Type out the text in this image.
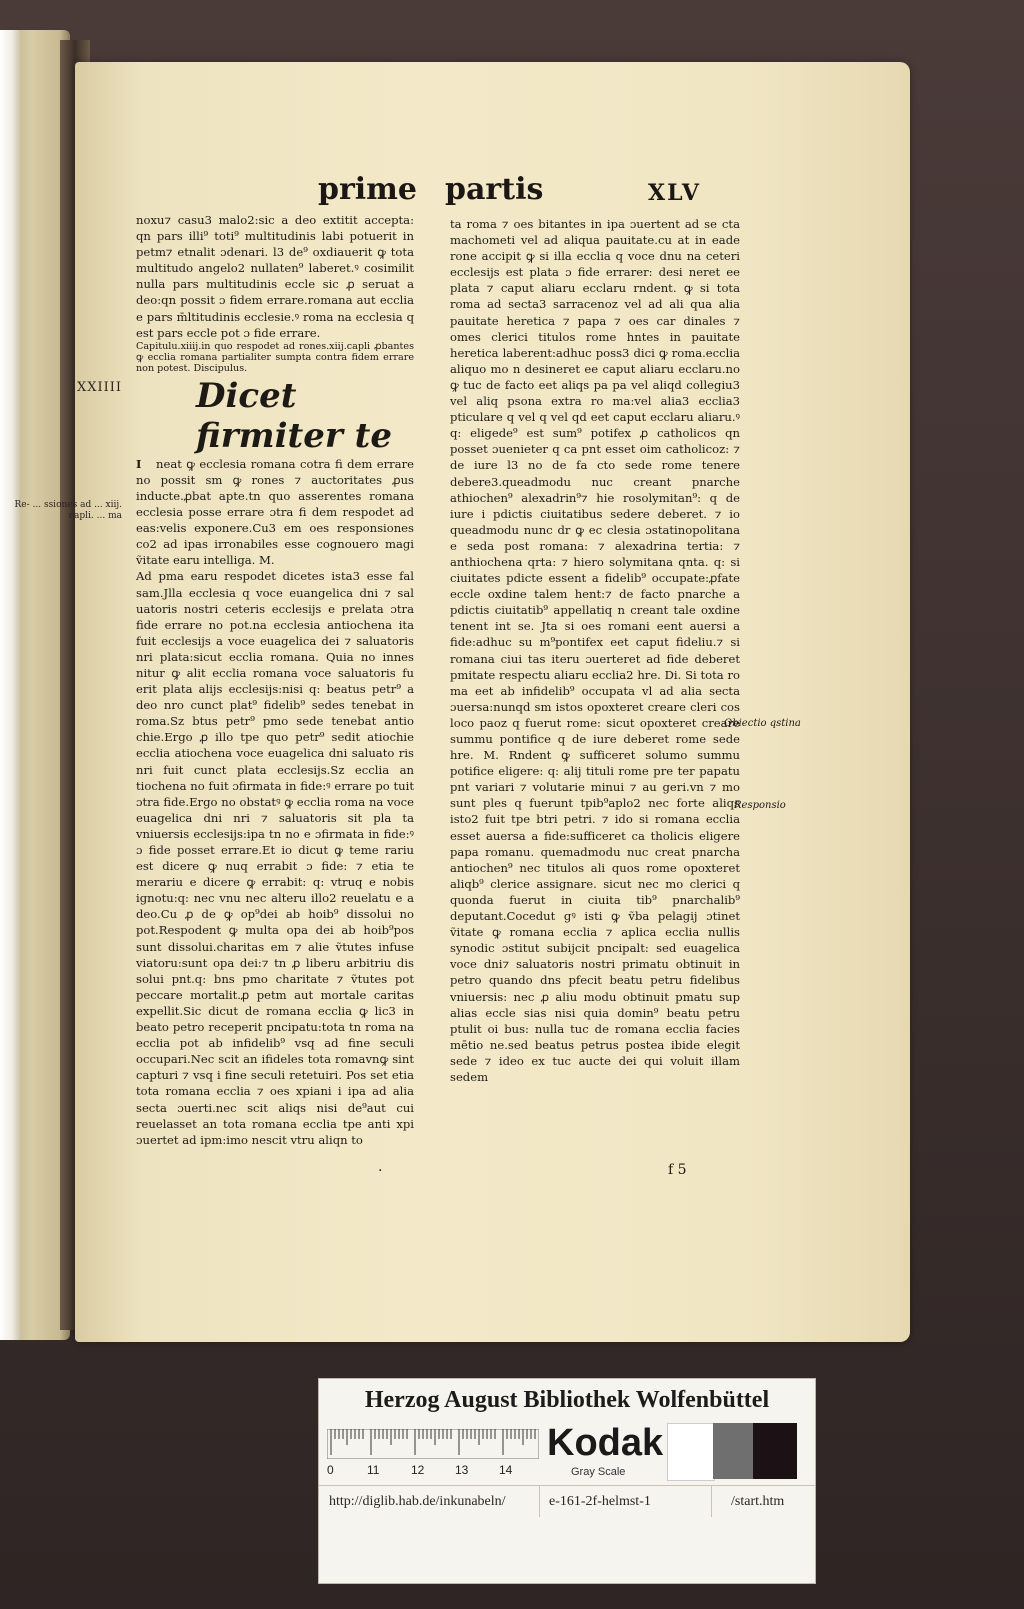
XXIIII
Re- ... ssiones ad ... xiij. capli. ... ma
prime partis	XLV

noxu⁊ casu3 malo2:sic a deo extitit accepta: qn pars illi⁹ toti⁹ multitudinis labi potuerit in petm⁊ etnalit ɔdenari. l3 de⁹ oxdiauerit ꝙ tota multitudo angelo2 nullaten⁹ laberet.ꝰ cosimilit nulla pars multitudinis eccle sic ꝓ seruat a deo:qn possit ɔ fidem errare.romana aut ecclia e pars m̄ltitudinis ecclesie.ꝰ roma na ecclesia q est pars eccle pot ɔ fide errare.

Capitulu.xiiij.in quo respodet ad rones.xiij.capli ꝓbantes ꝙ ecclia romana partialiter sumpta contra fidem errare non potest. Discipulus.

Dicet firmiter te

I neat ꝙ ecclesia romana cotra fi dem errare no possit sm ꝙ rones ⁊ auctoritates ꝓus inducte.ꝓbat apte.tn quo asserentes romana ecclesia posse errare ɔtra fi dem respodet ad eas:velis exponere.Cu3 em oes responsiones co2 ad ipas irronabiles esse cognouero magi ṽitate earu intelliga. M.

Ad pma earu respodet dicetes ista3 esse fal sam.Jlla ecclesia q voce euangelica dni ⁊ sal uatoris nostri ceteris ecclesijs e prelata ɔtra fide errare no pot.na ecclesia antiochena ita fuit ecclesijs a voce euagelica dei ⁊ saluatoris nri plata:sicut ecclia romana. Quia no innes nitur ꝙ alit ecclia romana voce saluatoris fu erit plata alijs ecclesijs:nisi q: beatus petr⁹ a deo nro cunct plat⁹ fidelib⁹ sedes tenebat in roma.Sz btus petr⁹ pmo sede tenebat antio chie.Ergo ꝓ illo tpe quo petr⁹ sedit atiochie ecclia atiochena voce euagelica dni saluato ris nri fuit cunct plata ecclesijs.Sz ecclia an tiochena no fuit ɔfirmata in fide:ꝰ errare po tuit ɔtra fide.Ergo no obstatꝰ ꝙ ecclia roma na voce euagelica dni nri ⁊ saluatoris sit pla ta vniuersis ecclesijs:ipa tn no e ɔfirmata in fide:ꝰ ɔ fide posset errare.Et io dicut ꝙ teme rariu est dicere ꝙ nuq errabit ɔ fide: ⁊ etia te merariu e dicere ꝙ errabit: q: vtruq e nobis ignotu:q: nec vnu nec alteru illo2 reuelatu e a deo.Cu ꝓ de ꝙ op⁹dei ab hoib⁹ dissolui no pot.Respodent ꝙ multa opa dei ab hoib⁹pos sunt dissolui.charitas em ⁊ alie ṽtutes infuse viatoru:sunt opa dei:⁊ tn ꝓ liberu arbitriu dis solui pnt.q: bns pmo charitate ⁊ ṽtutes pot peccare mortalit.ꝓ petm aut mortale caritas expellit.Sic dicut de romana ecclia ꝙ lic3 in beato petro receperit pncipatu:tota tn roma na ecclia pot ab infidelib⁹ vsq ad fine seculi occupari.Nec scit an ifideles tota romavnꝙ sint capturi ⁊ vsq i fine seculi retetuiri. Pos set etia tota romana ecclia ⁊ oes xpiani i ipa ad alia secta ɔuerti.nec scit aliqs nisi de⁹aut cui reuelasset an tota romana ecclia tpe anti xpi ɔuertet ad ipm:imo nescit vtru aliqn to

ta roma ⁊ oes bitantes in ipa ɔuertent ad se cta machometi vel ad aliqua pauitate.cu at in eade rone accipit ꝙ si illa ecclia q voce dnu na ceteri ecclesijs est plata ɔ fide errarer: desi neret ee plata ⁊ caput aliaru ecclaru rndent. ꝙ si tota roma ad secta3 sarracenoz vel ad ali qua alia pauitate heretica ⁊ papa ⁊ oes car dinales ⁊ omes clerici titulos rome hntes in pauitate heretica laberent:adhuc poss3 dici ꝙ roma.ecclia aliquo mo n desineret ee caput aliaru ecclaru.no ꝙ tuc de facto eet aliqs pa pa vel aliqd collegiu3 vel aliq psona extra ro ma:vel alia3 ecclia3 pticulare q vel q vel qd eet caput ecclaru aliaru.ꝰ q: eligede⁹ est sum⁹ potifex ꝓ catholicos qn posset ɔuenieter q ca pnt esset oim catholicoz: ⁊ de iure l3 no de fa cto sede rome tenere debere3.queadmodu nuc creant pnarche athiochen⁹ alexadrin⁹⁊ hie rosolymitan⁹: q de iure i pdictis ciuitatibus sedere deberet. ⁊ io queadmodu nunc dr ꝙ ec clesia ɔstatinopolitana e seda post romana: ⁊ alexadrina tertia: ⁊ anthiochena qrta: ⁊ hiero solymitana qnta. q: si ciuitates pdicte essent a fidelib⁹ occupate:ꝓfate eccle oxdine talem hent:⁊ de facto pnarche a pdictis ciuitatib⁹ appellatiq n creant tale oxdine tenent int se. Jta si oes romani eent auersi a fide:adhuc su m⁹pontifex eet caput fideliu.⁊ si romana ciui tas iteru ɔuerteret ad fide deberet pmitate respectu aliaru ecclia2 hre. Di. Si tota ro ma eet ab infidelib⁹ occupata vl ad alia secta ɔuersa:nunqd sm istos opoxteret creare cleri cos loco paoz q fuerut rome: sicut opoxteret creare summu pontifice q de iure deberet rome sede hre. M. Rndent ꝙ sufficeret solumo summu potifice eligere: q: alij tituli rome pre ter papatu pnt variari ⁊ volutarie minui ⁊ au geri.vn ⁊ mo sunt ples q fuerunt tpib⁹aplo2 nec forte aliqs isto2 fuit tpe btri petri. ⁊ ido si romana ecclia esset auersa a fide:sufficeret ca tholicis eligere papa romanu. quemadmodu nuc creat pnarcha antiochen⁹ nec titulos ali quos rome opoxteret aliqb⁹ clerice assignare. sicut nec mo clerici q quonda fuerut in ciuita tib⁹ pnarchalib⁹ deputant.Cocedut gꝰ isti ꝙ ṽba pelagij ɔtinet ṽitate ꝙ romana ecclia ⁊ aplica ecclia nullis synodic ɔstitut subijcit pncipalt: sed euagelica voce dni⁊ saluatoris nostri primatu obtinuit in petro quando dns pfecit beatu petru fidelibus vniuersis: nec ꝓ aliu modu obtinuit pmatu sup alias eccle sias nisi quia domin⁹ beatu petru ptulit oi bus: nulla tuc de romana ecclia facies mētio ne.sed beatus petrus postea ibide elegit sede ⁊ ideo ex tuc aucte dei qui voluit illam sedem

Obiectio qstina
Responsio
·	f 5
Herzog August Bibliothek Wolfenbüttel
0	11	12	13	14
Kodak
Gray Scale
http://diglib.hab.de/inkunabeln/	e-161-2f-helmst-1	/start.htm
